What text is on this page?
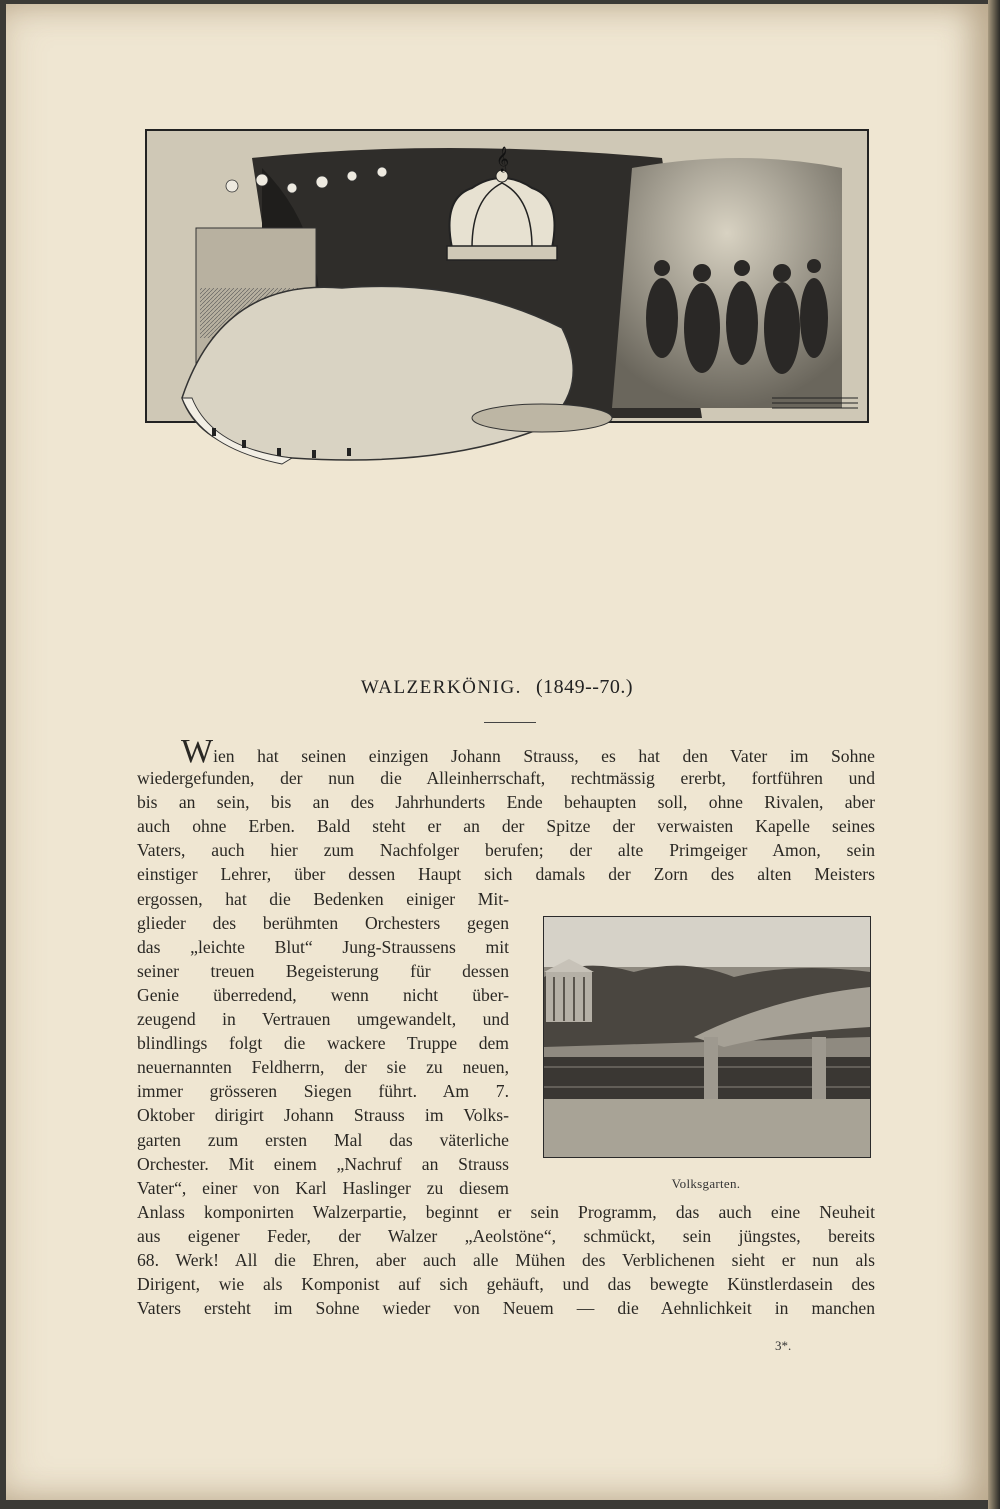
𝄞
WALZERKÖNIG. (1849--70.)
Wien hat seinen einzigen Johann Strauss, es hat den Vater im Sohne
wiedergefunden, der nun die Alleinherrschaft, rechtmässig ererbt, fortführen und
bis an sein, bis an des Jahrhunderts Ende behaupten soll, ohne Rivalen, aber
auch ohne Erben. Bald steht er an der Spitze der verwaisten Kapelle seines
Vaters, auch hier zum Nachfolger berufen; der alte Primgeiger Amon, sein
einstiger Lehrer, über dessen Haupt sich damals der Zorn des alten Meisters
ergossen, hat die Bedenken einiger Mit-
glieder des berühmten Orchesters gegen
das „leichte Blut“ Jung-Straussens mit
seiner treuen Begeisterung für dessen
Genie überredend, wenn nicht über-
zeugend in Vertrauen umgewandelt, und
blindlings folgt die wackere Truppe dem
neuernannten Feldherrn, der sie zu neuen,
immer grösseren Siegen führt. Am 7.
Oktober dirigirt Johann Strauss im Volks-
garten zum ersten Mal das väterliche
Orchester. Mit einem „Nachruf an Strauss
Vater“, einer von Karl Haslinger zu diesem
Anlass komponirten Walzerpartie, beginnt er sein Programm, das auch eine Neuheit
aus eigener Feder, der Walzer „Aeolstöne“, schmückt, sein jüngstes, bereits
68. Werk! All die Ehren, aber auch alle Mühen des Verblichenen sieht er nun als
Dirigent, wie als Komponist auf sich gehäuft, und das bewegte Künstlerdasein des
Vaters ersteht im Sohne wieder von Neuem — die Aehnlichkeit in manchen
Volksgarten.
3*.
